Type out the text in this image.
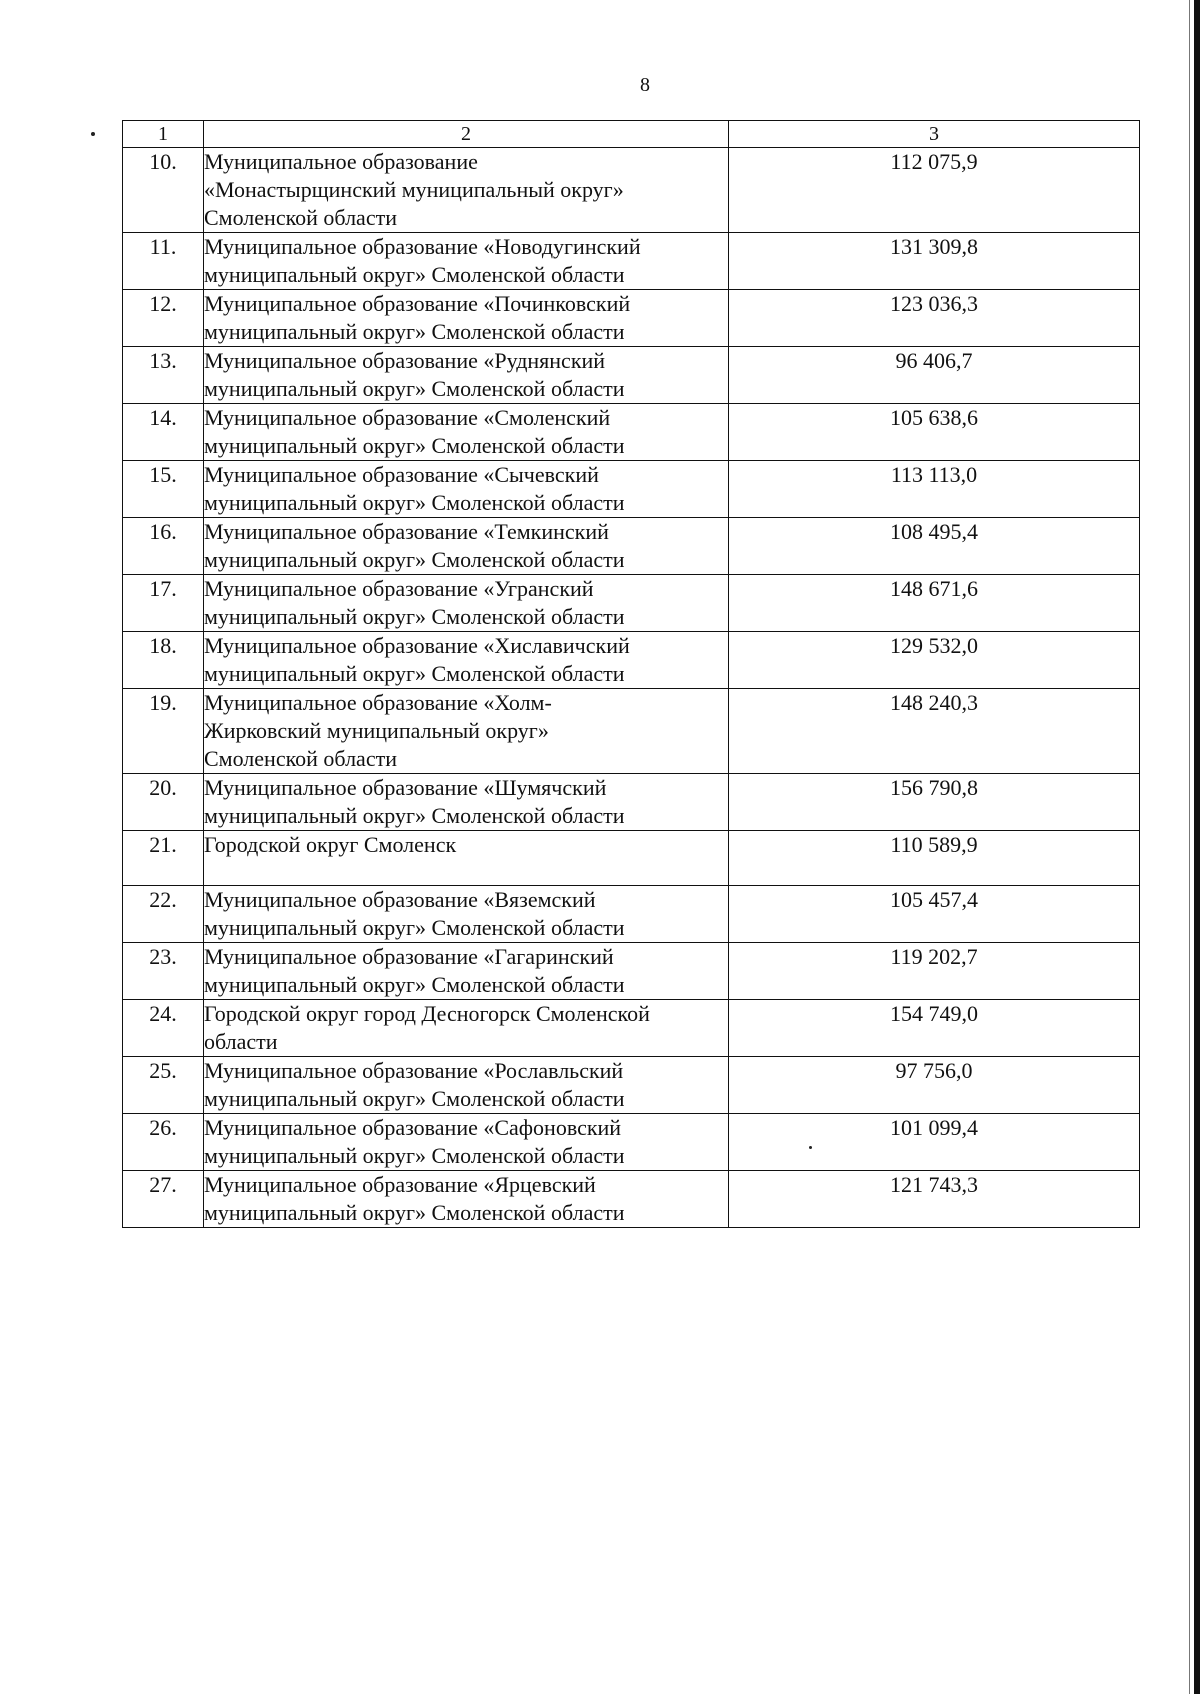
8
1	2	3
10.	Муниципальное образование
«Монастырщинский муниципальный округ»
Смоленской области	112 075,9
11.	Муниципальное образование «Новодугинский
муниципальный округ» Смоленской области	131 309,8
12.	Муниципальное образование «Починковский
муниципальный округ» Смоленской области	123 036,3
13.	Муниципальное образование «Руднянский
муниципальный округ» Смоленской области	96 406,7
14.	Муниципальное образование «Смоленский
муниципальный округ» Смоленской области	105 638,6
15.	Муниципальное образование «Сычевский
муниципальный округ» Смоленской области	113 113,0
16.	Муниципальное образование «Темкинский
муниципальный округ» Смоленской области	108 495,4
17.	Муниципальное образование «Угранский
муниципальный округ» Смоленской области	148 671,6
18.	Муниципальное образование «Хиславичский
муниципальный округ» Смоленской области	129 532,0
19.	Муниципальное образование «Холм-
Жирковский муниципальный округ»
Смоленской области	148 240,3
20.	Муниципальное образование «Шумячский
муниципальный округ» Смоленской области	156 790,8
21.	Городской округ Смоленск	110 589,9
22.	Муниципальное образование «Вяземский
муниципальный округ» Смоленской области	105 457,4
23.	Муниципальное образование «Гагаринский
муниципальный округ» Смоленской области	119 202,7
24.	Городской округ город Десногорск Смоленской
области	154 749,0
25.	Муниципальное образование «Рославльский
муниципальный округ» Смоленской области	97 756,0
26.	Муниципальное образование «Сафоновский
муниципальный округ» Смоленской области	101 099,4
27.	Муниципальное образование «Ярцевский
муниципальный округ» Смоленской области	121 743,3
